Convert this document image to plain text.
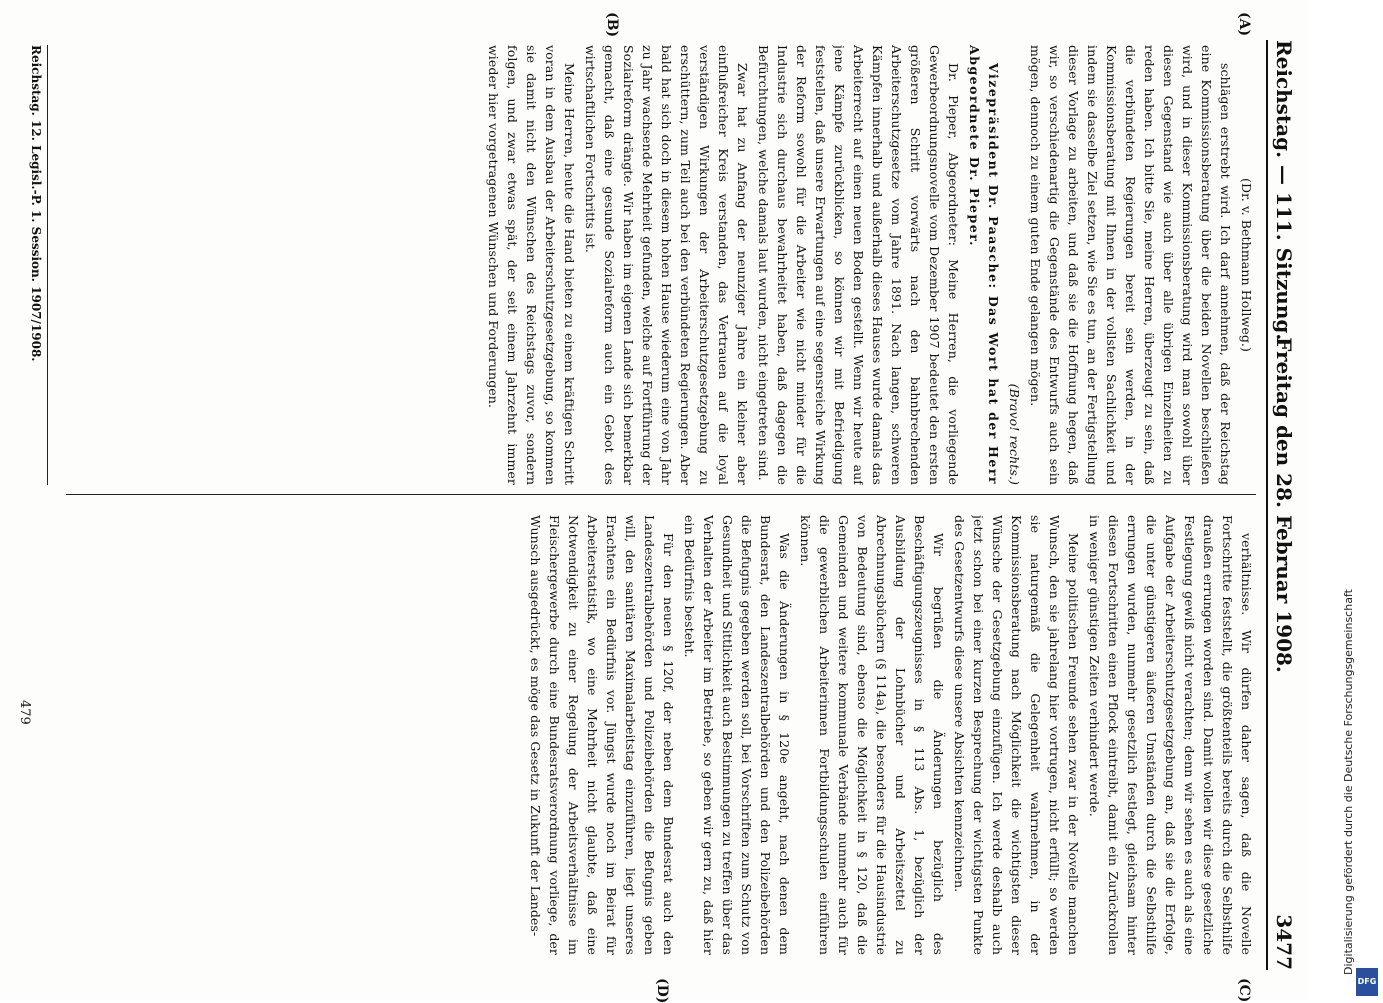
Reichstag. — 111. Sitzung.
Freitag den 28. Februar 1908.
3477
(A)
(B)
(C)
(D)

(Dr. v. Bethmann Hollweg.)

schlägen erstrebt wird. Ich darf annehmen, daß der Reichstag eine Kommissionsberatung über die beiden Novellen beschließen wird, und in dieser Kommissionsberatung wird man sowohl über diesen Gegenstand wie auch über alle übrigen Einzelheiten zu reden haben. Ich bitte Sie, meine Herren, überzeugt zu sein, daß die verbündeten Regierungen bereit sein werden, in der Kommissionsberatung mit Ihnen in der vollsten Sachlichkeit und indem sie dasselbe Ziel setzen, wie Sie es tun, an der Fertigstellung dieser Vorlage zu arbeiten, und daß sie die Hoffnung hegen, daß wir, so verschiedenartig die Gegenstände des Entwurfs auch sein mögen, dennoch zu einem guten Ende gelangen mögen.

(Bravo! rechts.)

Vizepräsident Dr. Paasche: Das Wort hat der Herr Abgeordnete Dr. Pieper.

Dr. Pieper, Abgeordneter: Meine Herren, die vorliegende Gewerbeordnungsnovelle vom Dezember 1907 bedeutet den ersten größeren Schritt vorwärts nach den bahnbrechenden Arbeiterschutzgesetze vom Jahre 1891. Nach langen, schweren Kämpfen innerhalb und außerhalb dieses Hauses wurde damals das Arbeiterrecht auf einen neuen Boden gestellt. Wenn wir heute auf jene Kämpfe zurückblicken, so können wir mit Befriedigung feststellen, daß unsere Erwartungen auf eine segensreiche Wirkung der Reform sowohl für die Arbeiter wie nicht minder für die Industrie sich durchaus bewahrheitet haben, daß dagegen die Befürchtungen, welche damals laut wurden, nicht eingetreten sind.

Zwar hat zu Anfang der neunziger Jahre ein kleiner aber einflußreicher Kreis verstanden, das Vertrauen auf die loyal verständigen Wirkungen der Arbeiterschutzgesetzgebung zu erschüttern, zum Teil auch bei den verbündeten Regierungen. Aber bald hat sich doch in diesem hohen Hause wiederum eine von Jahr zu Jahr wachsende Mehrheit gefunden, welche auf Fortführung der Sozialreform drängte. Wir haben im eigenen Lande sich bemerkbar gemacht, daß eine gesunde Sozialreform auch ein Gebot des wirtschaftlichen Fortschritts ist.

Meine Herren, heute die Hand bieten zu einem kräftigen Schritt voran in dem Ausbau der Arbeiterschutzgesetzgebung, so kommen sie damit nicht den Wünschen des Reichstags zuvor, sondern folgen, und zwar etwas spät, der seit einem Jahrzehnt immer wieder hier vorgetragenen Wünschen und Forderungen.

verhältnisse. Wir dürfen daher sagen, daß die Novelle Fortschritte feststellt, die größtenteils bereits durch die Selbsthilfe draußen errungen worden sind. Damit wollen wir diese gesetzliche Festlegung gewiß nicht verachten; denn wir sehen es auch als eine Aufgabe der Arbeiterschutzgesetzgebung an, daß sie die Erfolge, die unter günstigeren äußeren Umständen durch die Selbsthilfe errungen wurden, nunmehr gesetzlich festlegt, gleichsam hinter diesen Fortschritten einen Pflock eintreibt, damit ein Zurückrollen in weniger günstigen Zeiten verhindert werde.

Meine politischen Freunde sehen zwar in der Novelle manchen Wunsch, den sie jahrelang hier vortrugen, nicht erfüllt; so werden sie naturgemäß die Gelegenheit wahrnehmen, in der Kommissionsberatung nach Möglichkeit die wichtigsten dieser Wünsche der Gesetzgebung einzufügen. Ich werde deshalb auch jetzt schon bei einer kurzen Besprechung der wichtigsten Punkte des Gesetzentwurfs diese unsere Absichten kennzeichnen.

Wir begrüßen die Änderungen bezüglich des Beschäftigungszeugnisses in § 113 Abs. 1, bezüglich der Ausbildung der Lohnbücher und Arbeitszettel zu Abrechnungsbüchern (§ 114a), die besonders für die Hausindustrie von Bedeutung sind, ebenso die Möglichkeit in § 120, daß die Gemeinden und weitere kommunale Verbände nunmehr auch für die gewerblichen Arbeiterinnen Fortbildungsschulen einführen können.

Was die Änderungen in § 120e angeht, nach denen dem Bundesrat, den Landeszentralbehörden und den Polizeibehörden die Befugnis gegeben werden soll, bei Vorschriften zum Schutz von Gesundheit und Sittlichkeit auch Bestimmungen zu treffen über das Verhalten der Arbeiter im Betriebe, so geben wir gern zu, daß hier ein Bedürfnis besteht.

Für den neuen § 120f, der neben dem Bundesrat auch den Landeszentralbehörden und Polizeibehörden die Befugnis geben will, den sanitären Maximalarbeitstag einzuführen, liegt unseres Erachtens ein Bedürfnis vor. Jüngst wurde noch im Beirat für Arbeiterstatistik, wo eine Mehrheit nicht glaubte, daß eine Notwendigkeit zu einer Regelung der Arbeitsverhältnisse im Fleischergewerbe durch eine Bundesratsverordnung vorliege, der Wunsch ausgedrückt, es möge das Gesetz in Zukunft der Landes-

Reichstag. 12. Legisl.-P. 1. Session. 1907/1908.
479	Digitalisierung gefördert durch die Deutsche Forschungsgemeinschaft
DFG
